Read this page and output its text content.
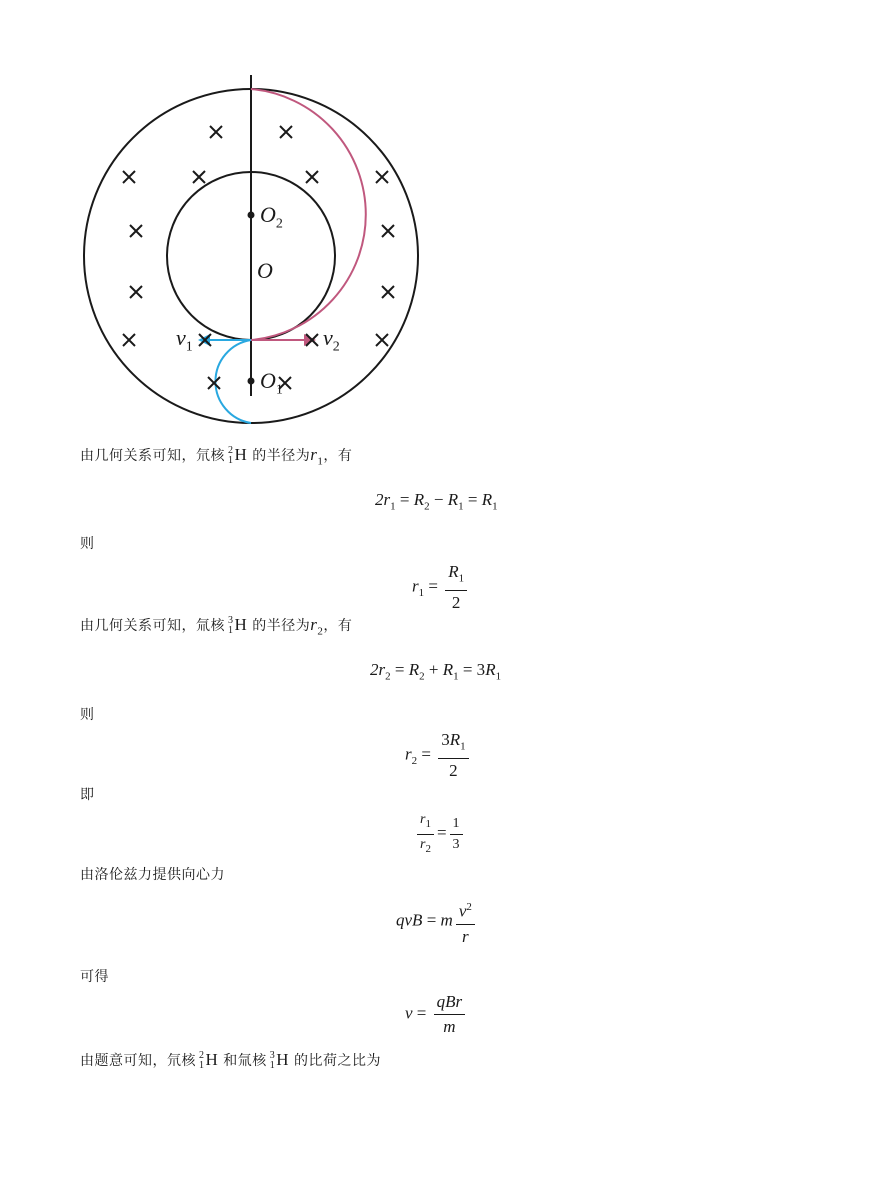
$O_2$
O
$O_1$
$v_1$	$v_2$
由几何关系可知，氘核 2
1 H 的半径为$r_1$，有
$2r_1 = R_2 - R_1 = R_1$
则
$r_1 = \frac{R_1}{2}$
由几何关系可知，氚核 3
1 H 的半径为$r_2$，有
$2r_2 = R_2 + R_1 = 3R_1$
则
$r_2 = \frac{3R_1}{2}$
即
$\frac{r_1}{r_2} = \frac{1}{3}$
由洛伦兹力提供向心力
qvB = m $\frac{v^2}{r}$
可得
$v = \frac{\text{qBr}}{m}$
由题意可知，氘核 2
1 H 和氚核 3
1 H 的比荷之比为
